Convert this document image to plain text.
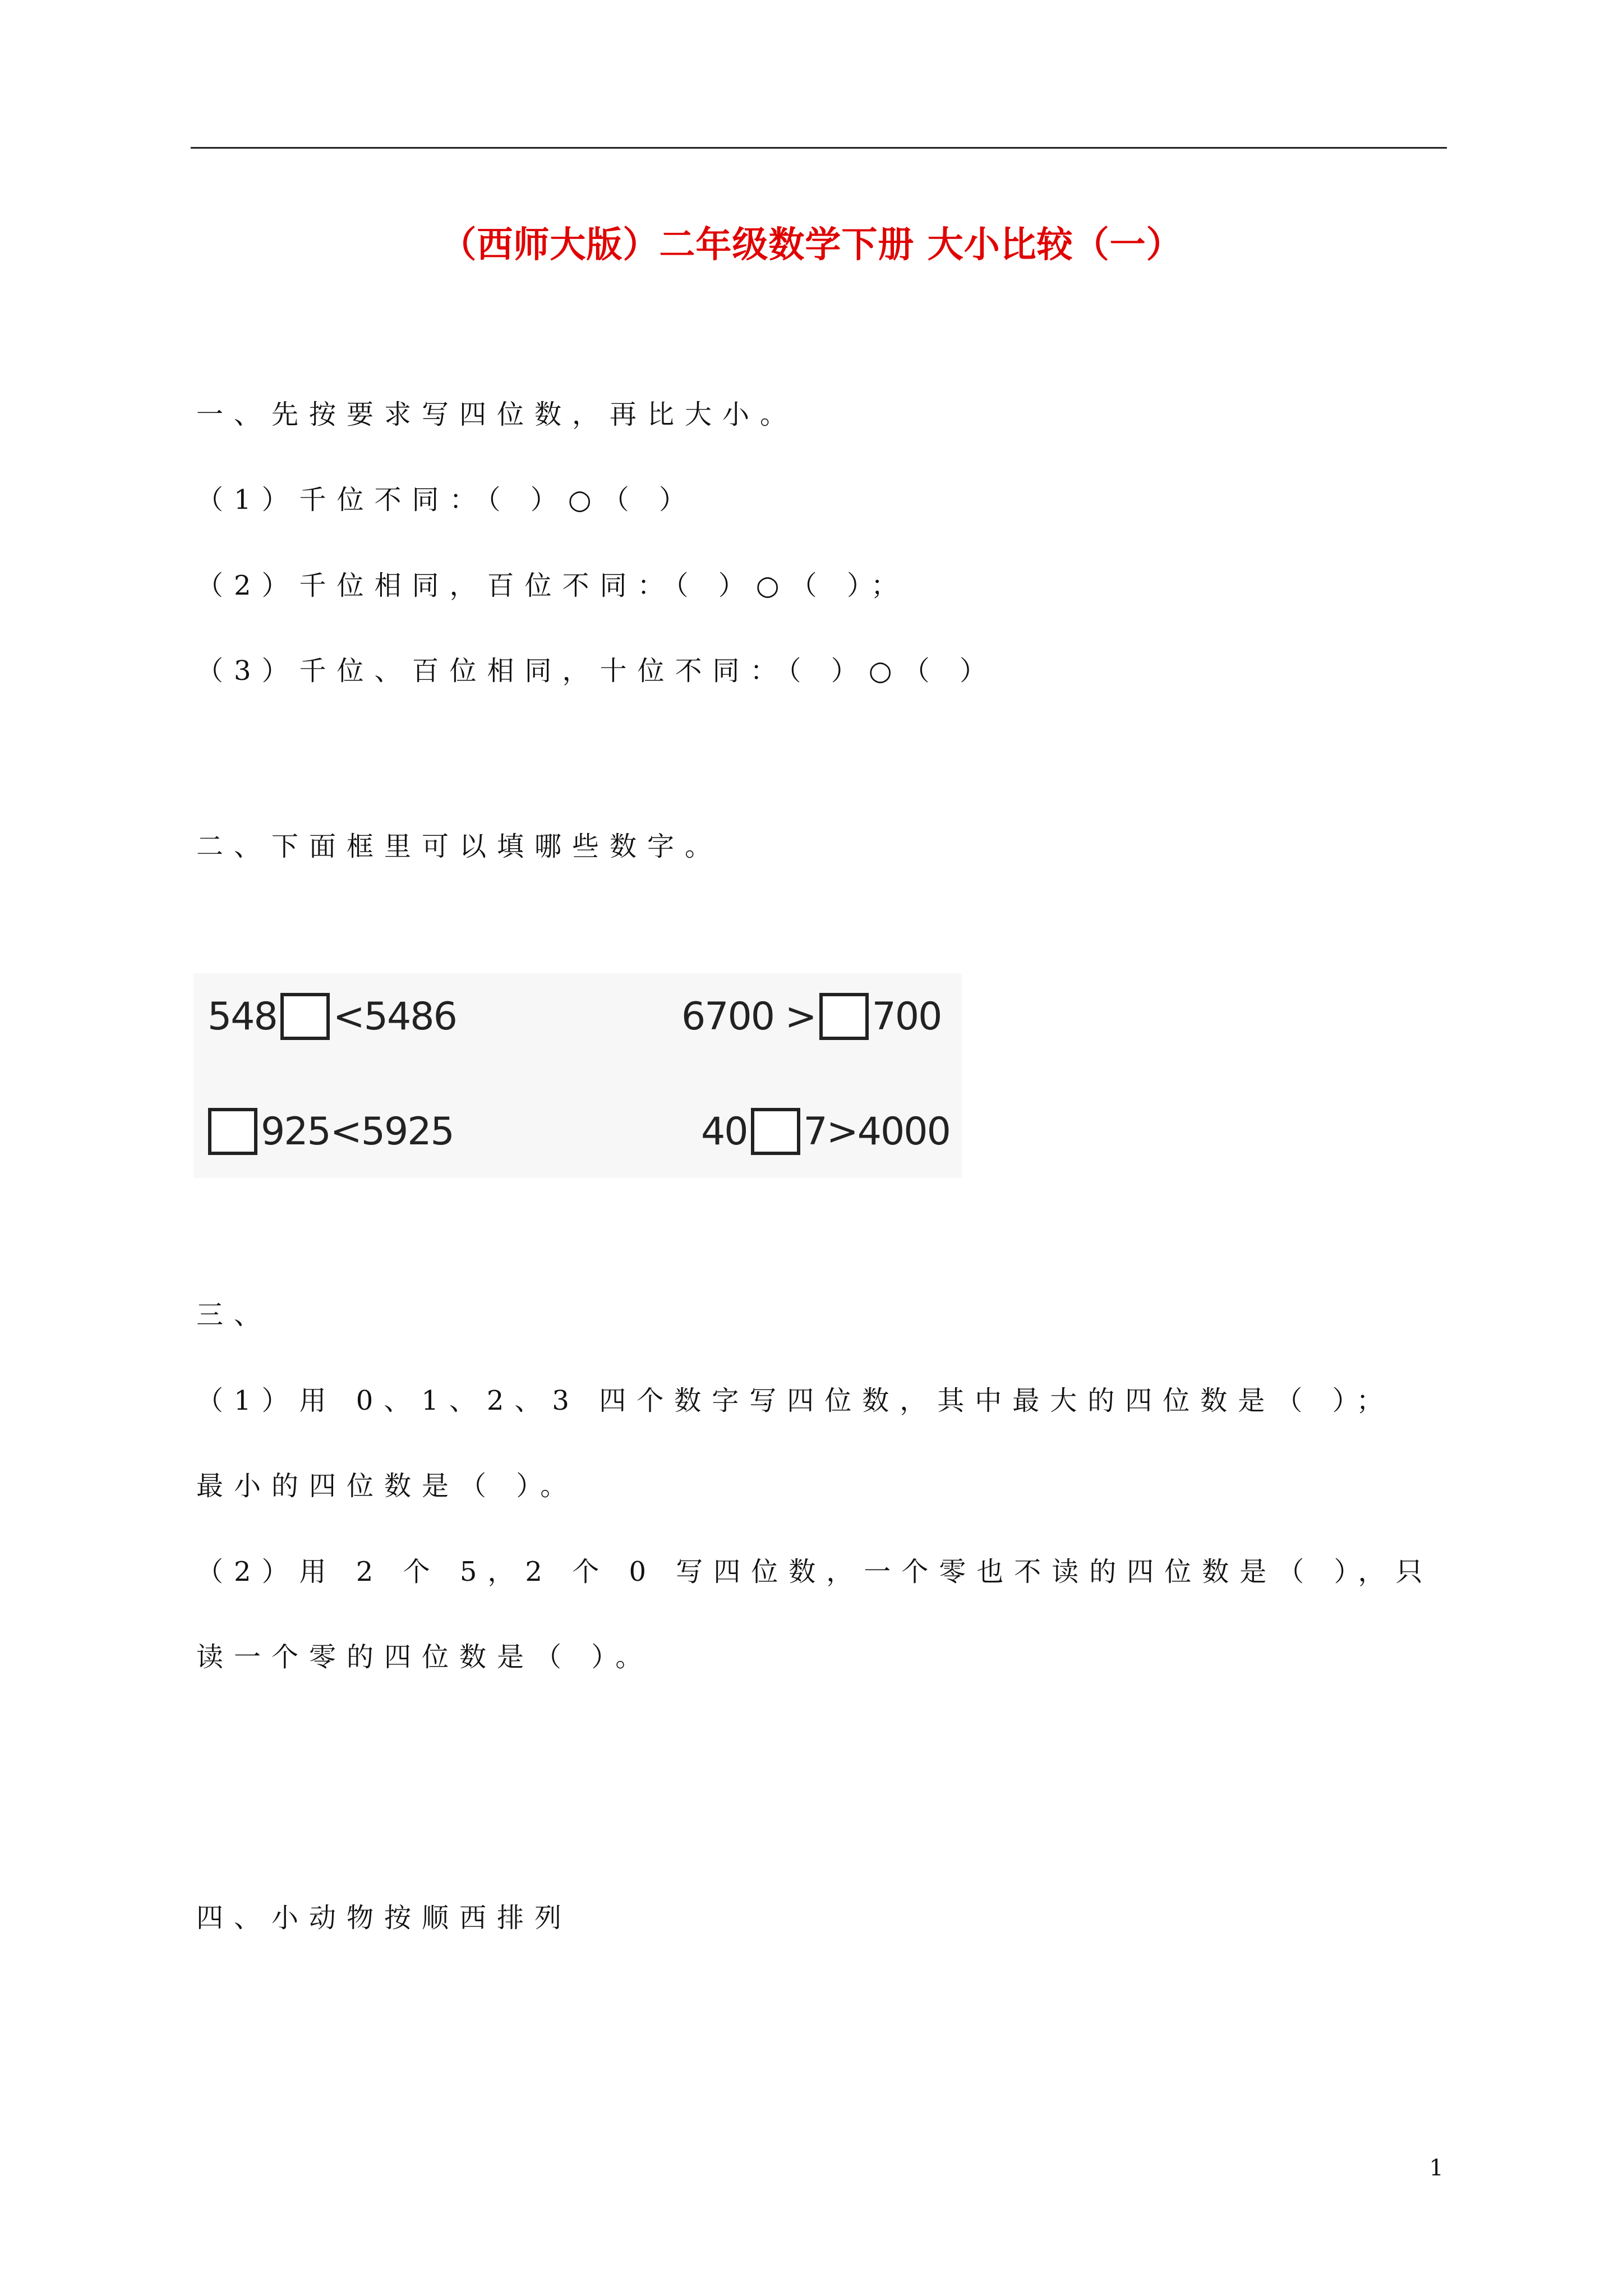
（西师大版）二年级数学下册 大小比较（一）
一、先按要求写四位数，再比大小。
（1）千位不同：（ ）○（ ）
（2）千位相同，百位不同：（ ）○（ ）；
（3）千位、百位相同，十位不同：（ ）○（ ）
二、下面框里可以填哪些数字。
548 <5486	6700 > 700
925<5925	40 7>4000
三、
（1）用 0、1、2、3 四个数字写四位数，其中最大的四位数是（ ）；
最小的四位数是（ ）。
（2）用 2 个 5，2 个 0 写四位数，一个零也不读的四位数是（ ），只
读一个零的四位数是（ ）。
四、小动物按顺西排列
1
